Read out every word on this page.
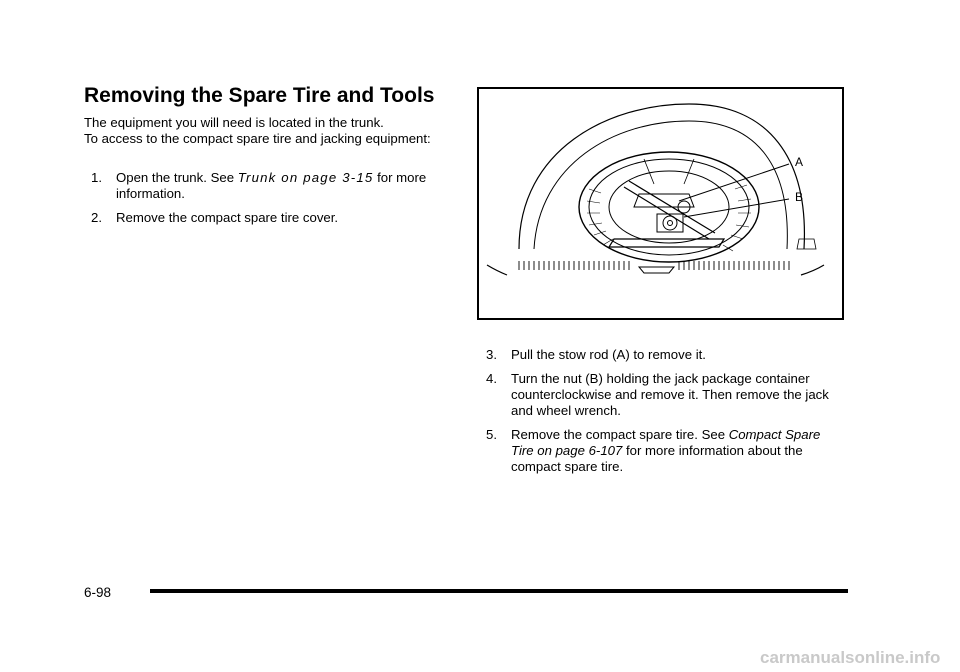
Removing the Spare Tire and Tools

The equipment you will need is located in the trunk.
To access to the compact spare tire and jacking equipment:

1. Open the trunk. See Trunk on page 3-15 for more information.
2. Remove the compact spare tire cover.
A
B
3. Pull the stow rod (A) to remove it.
4. Turn the nut (B) holding the jack package container counterclockwise and remove it. Then remove the jack and wheel wrench.
5. Remove the compact spare tire. See Compact Spare Tire on page 6-107 for more information about the compact spare tire.
6-98
carmanualsonline.info
